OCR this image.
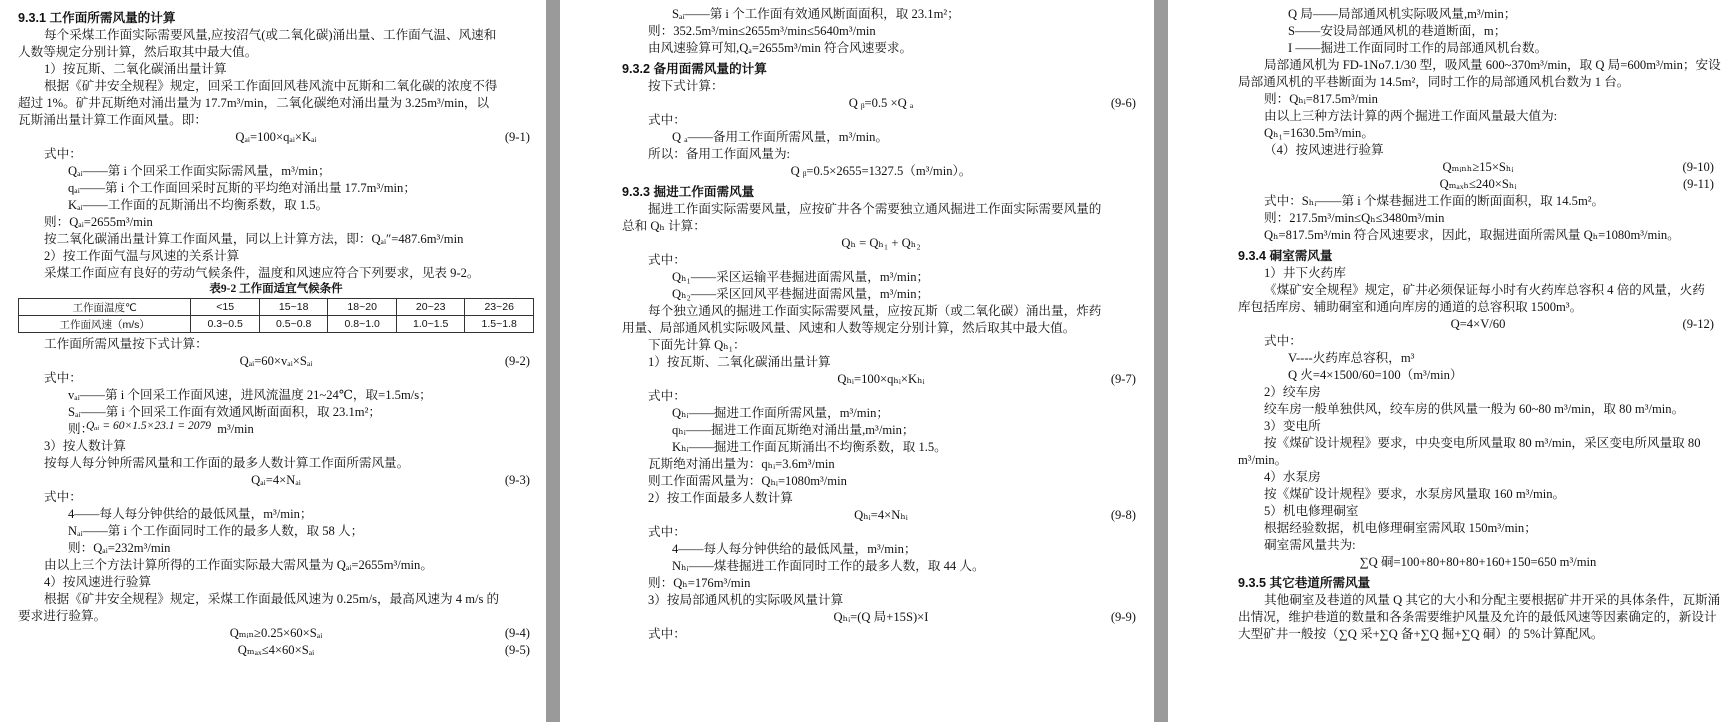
9.3.1 工作面所需风量的计算
每个采煤工作面实际需要风量,应按沼气(或二氧化碳)涌出量、工作面气温、风速和
人数等规定分别计算，然后取其中最大值。
1）按瓦斯、二氧化碳涌出量计算
根据《矿井安全规程》规定，回采工作面回风巷风流中瓦斯和二氧化碳的浓度不得
超过 1%。矿井瓦斯绝对涌出量为 17.7m³/min，二氧化碳绝对涌出量为 3.25m³/min，以
瓦斯涌出量计算工作面风量。即：
Qₐᵢ=100×qₐᵢ×Kₐᵢ	(9-1)
式中：
Qₐᵢ——第 i 个回采工作面实际需风量，m³/min；
qₐᵢ——第 i 个工作面回采时瓦斯的平均绝对涌出量 17.7m³/min；
Kₐᵢ——工作面的瓦斯涌出不均衡系数，取 1.5。
则：Qₐᵢ=2655m³/min
按二氧化碳涌出量计算工作面风量，同以上计算方法，即：Qₐᵢ″=487.6m³/min
2）按工作面气温与风速的关系计算
采煤工作面应有良好的劳动气候条件，温度和风速应符合下列要求，见表 9-2。
表9-2 工作面适宜气候条件
工作面温度℃	<15	15~18	18~20	20~23	23~26
工作面风速（m/s）	0.3~0.5	0.5~0.8	0.8~1.0	1.0~1.5	1.5~1.8
工作面所需风量按下式计算：
Qₐᵢ=60×vₐᵢ×Sₐᵢ	(9-2)
式中：
vₐᵢ——第 i 个回采工作面风速，进风流温度 21~24℃，取=1.5m/s；
Sₐᵢ——第 i 个回采工作面有效通风断面面积，取 23.1m²；
则：
Qₐᵢ = 60×1.5×23.1 = 2079 m³/min
3）按人数计算
按每人每分钟所需风量和工作面的最多人数计算工作面所需风量。
Qₐᵢ=4×Nₐᵢ	(9-3)
式中：
4——每人每分钟供给的最低风量，m³/min；
Nₐᵢ——第 i 个工作面同时工作的最多人数，取 58 人；
则：Qₐᵢ=232m³/min
由以上三个方法计算所得的工作面实际最大需风量为 Qₐᵢ=2655m³/min。
4）按风速进行验算
根据《矿井安全规程》规定，采煤工作面最低风速为 0.25m/s，最高风速为 4 m/s 的
要求进行验算。
Qₘᵢₙ≥0.25×60×Sₐᵢ	(9-4)
Qₘₐₓ≤4×60×Sₐᵢ	(9-5)
Sₐᵢ——第 i 个工作面有效通风断面面积，取 23.1m²；
则：352.5m³/min≤2655m³/min≤5640m³/min
由风速验算可知,Qₐ=2655m³/min 符合风速要求。
9.3.2 备用面需风量的计算
按下式计算：
Q ᵦ=0.5 ×Q ₐ	(9-6)
式中：
Q ₐ——备用工作面所需风量，m³/min。
所以：备用工作面风量为:
Q ᵦ=0.5×2655=1327.5（m³/min）。
9.3.3 掘进工作面需风量
掘进工作面实际需要风量，应按矿井各个需要独立通风掘进工作面实际需要风量的
总和 Qₕ 计算：
Qₕ = Qₕ₁ + Qₕ₂
式中：
Qₕ₁——采区运输平巷掘进面需风量，m³/min；
Qₕ₂——采区回风平巷掘进面需风量，m³/min；
每个独立通风的掘进工作面实际需要风量，应按瓦斯（或二氧化碳）涌出量，炸药
用量、局部通风机实际吸风量、风速和人数等规定分别计算，然后取其中最大值。
下面先计算 Qₕ₁：
1）按瓦斯、二氧化碳涌出量计算
Qₕᵢ=100×qₕᵢ×Kₕᵢ	(9-7)
式中：
Qₕᵢ——掘进工作面所需风量，m³/min；
qₕᵢ——掘进工作面瓦斯绝对涌出量,m³/min；
Kₕᵢ——掘进工作面瓦斯涌出不均衡系数，取 1.5。
瓦斯绝对涌出量为：qₕᵢ=3.6m³/min
则工作面需风量为：Qₕᵢ=1080m³/min
2）按工作面最多人数计算
Qₕᵢ=4×Nₕᵢ	(9-8)
式中：
4——每人每分钟供给的最低风量，m³/min；
Nₕᵢ——煤巷掘进工作面同时工作的最多人数，取 44 人。
则：Qₕ=176m³/min
3）按局部通风机的实际吸风量计算
Qₕᵢ=(Q 局+15S)×I	(9-9)
式中：
Q 局——局部通风机实际吸风量,m³/min；
S——安设局部通风机的巷道断面，m；
I ——掘进工作面同时工作的局部通风机台数。
局部通风机为 FD-1No7.1/30 型，吸风量 600~370m³/min，取 Q 局=600m³/min；安设
局部通风机的平巷断面为 14.5m²，同时工作的局部通风机台数为 1 台。
则：Qₕᵢ=817.5m³/min
由以上三种方法计算的两个掘进工作面风量最大值为:
Qₕ₁=1630.5m³/min。
（4）按风速进行验算
Qₘᵢₙₕ≥15×Sₕᵢ	(9-10)
Qₘₐₓₕ≤240×Sₕᵢ	(9-11)
式中：Sₕᵢ——第 i 个煤巷掘进工作面的断面面积，取 14.5m²。
则：217.5m³/min≤Qₕ≤3480m³/min
Qₕ=817.5m³/min 符合风速要求，因此，取掘进面所需风量 Qₕ=1080m³/min。
9.3.4 硐室需风量
1）井下火药库
《煤矿安全规程》规定，矿井必须保证每小时有火药库总容积 4 倍的风量，火药
库包括库房、辅助硐室和通向库房的通道的总容积取 1500m³。
Q=4×V/60	(9-12)
式中：
V----火药库总容积，m³
Q 火=4×1500/60=100（m³/min）
2）绞车房
绞车房一般单独供风，绞车房的供风量一般为 60~80 m³/min，取 80 m³/min。
3）变电所
按《煤矿设计规程》要求，中央变电所风量取 80 m³/min，采区变电所风量取 80
m³/min。
4）水泵房
按《煤矿设计规程》要求，水泵房风量取 160 m³/min。
5）机电修理硐室
根据经验数据，机电修理硐室需风取 150m³/min；
硐室需风量共为:
∑Q 硐=100+80+80+80+160+150=650 m³/min
9.3.5 其它巷道所需风量
其他硐室及巷道的风量 Q 其它的大小和分配主要根据矿井开采的具体条件，瓦斯涌
出情况，维护巷道的数量和各条需要维护风量及允许的最低风速等因素确定的，新设计
大型矿井一般按（∑Q 采+∑Q 备+∑Q 掘+∑Q 硐）的 5%计算配风。
